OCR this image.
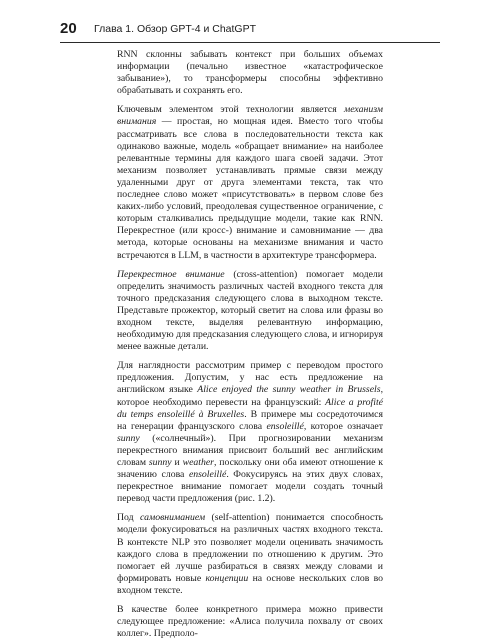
20 Глава 1. Обзор GPT-4 и ChatGPT

RNN склонны забывать контекст при больших объемах информации (печально известное «катастрофическое забывание»), то трансформеры способны эффективно обрабатывать и сохранять его.

Ключевым элементом этой технологии является механизм внимания — простая, но мощная идея. Вместо того чтобы рассматривать все слова в последовательности текста как одинаково важные, модель «обращает внимание» на наиболее релевантные термины для каждого шага своей задачи. Этот механизм позволяет устанавливать прямые связи между удаленными друг от друга элементами текста, так что последнее слово может «присутствовать» в первом слове без каких-либо условий, преодолевая существенное ограничение, с которым сталкивались предыдущие модели, такие как RNN. Перекрестное (или кросс-) внимание и самовнимание — два метода, которые основаны на механизме внимания и часто встречаются в LLM, в частности в архитектуре трансформера.

Перекрестное внимание (cross-attention) помогает модели определить значимость различных частей входного текста для точного предсказания следующего слова в выходном тексте. Представьте прожектор, который светит на слова или фразы во входном тексте, выделяя релевантную информацию, необходимую для предсказания следующего слова, и игнорируя менее важные детали.

Для наглядности рассмотрим пример с переводом простого предложения. Допустим, у нас есть предложение на английском языке Alice enjoyed the sunny weather in Brussels, которое необходимо перевести на французский: Alice a profité du temps ensoleillé à Bruxelles. В примере мы сосредоточимся на генерации французского слова ensoleillé, которое означает sunny («солнечный»). При прогнозировании механизм перекрестного внимания присвоит больший вес английским словам sunny и weather, поскольку они оба имеют отношение к значению слова ensoleillé. Фокусируясь на этих двух словах, перекрестное внимание помогает модели создать точный перевод части предложения (рис. 1.2).

Под самовниманием (self-attention) понимается способность модели фокусироваться на различных частях входного текста. В контексте NLP это позволяет модели оценивать значимость каждого слова в предложении по отношению к другим. Это помогает ей лучше разбираться в связях между словами и формировать новые концепции на основе нескольких слов во входном тексте.

В качестве более конкретного примера можно привести следующее предложение: «Алиса получила похвалу от своих коллег». Предполо-
